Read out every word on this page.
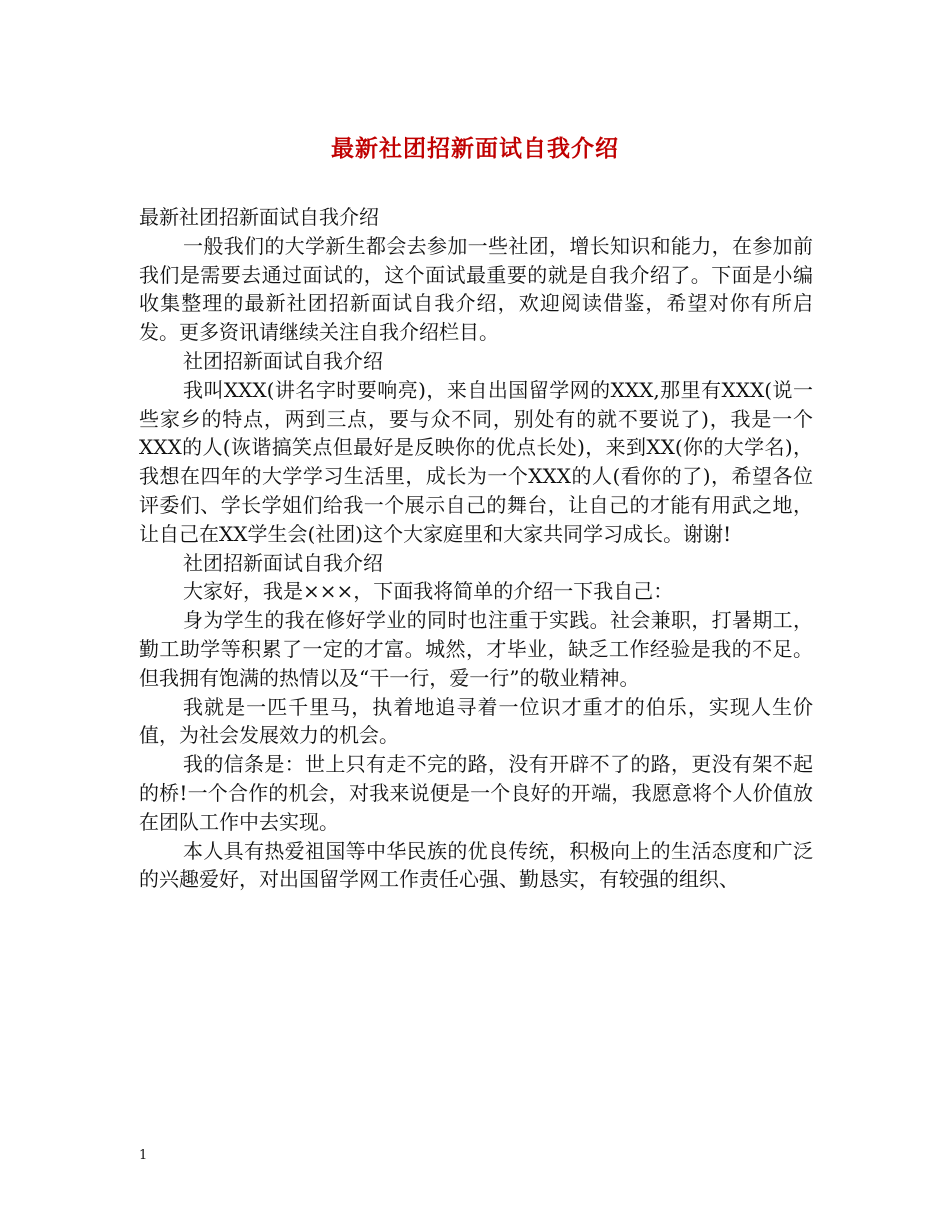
最新社团招新面试自我介绍

最新社团招新面试自我介绍

一般我们的大学新生都会去参加一些社团，增长知识和能力，在参加前我们是需要去通过面试的，这个面试最重要的就是自我介绍了。下面是小编收集整理的最新社团招新面试自我介绍，欢迎阅读借鉴，希望对你有所启发。更多资讯请继续关注自我介绍栏目。

社团招新面试自我介绍

我叫XXX(讲名字时要响亮)，来自出国留学网的XXX,那里有XXX(说一些家乡的特点，两到三点，要与众不同，别处有的就不要说了)，我是一个XXX的人(诙谐搞笑点但最好是反映你的优点长处)，来到XX(你的大学名)，我想在四年的大学学习生活里，成长为一个XXX的人(看你的了)，希望各位评委们、学长学姐们给我一个展示自己的舞台，让自己的才能有用武之地，让自己在XX学生会(社团)这个大家庭里和大家共同学习成长。谢谢!

社团招新面试自我介绍

大家好，我是×××，下面我将简单的介绍一下我自己：

身为学生的我在修好学业的同时也注重于实践。社会兼职，打暑期工，勤工助学等积累了一定的才富。城然，才毕业，缺乏工作经验是我的不足。但我拥有饱满的热情以及“干一行，爱一行”的敬业精神。

我就是一匹千里马，执着地追寻着一位识才重才的伯乐，实现人生价值，为社会发展效力的机会。

我的信条是：世上只有走不完的路，没有开辟不了的路，更没有架不起的桥!一个合作的机会，对我来说便是一个良好的开端，我愿意将个人价值放在团队工作中去实现。

本人具有热爱祖国等中华民族的优良传统，积极向上的生活态度和广泛的兴趣爱好，对出国留学网工作责任心强、勤恳实，有较强的组织、

1
